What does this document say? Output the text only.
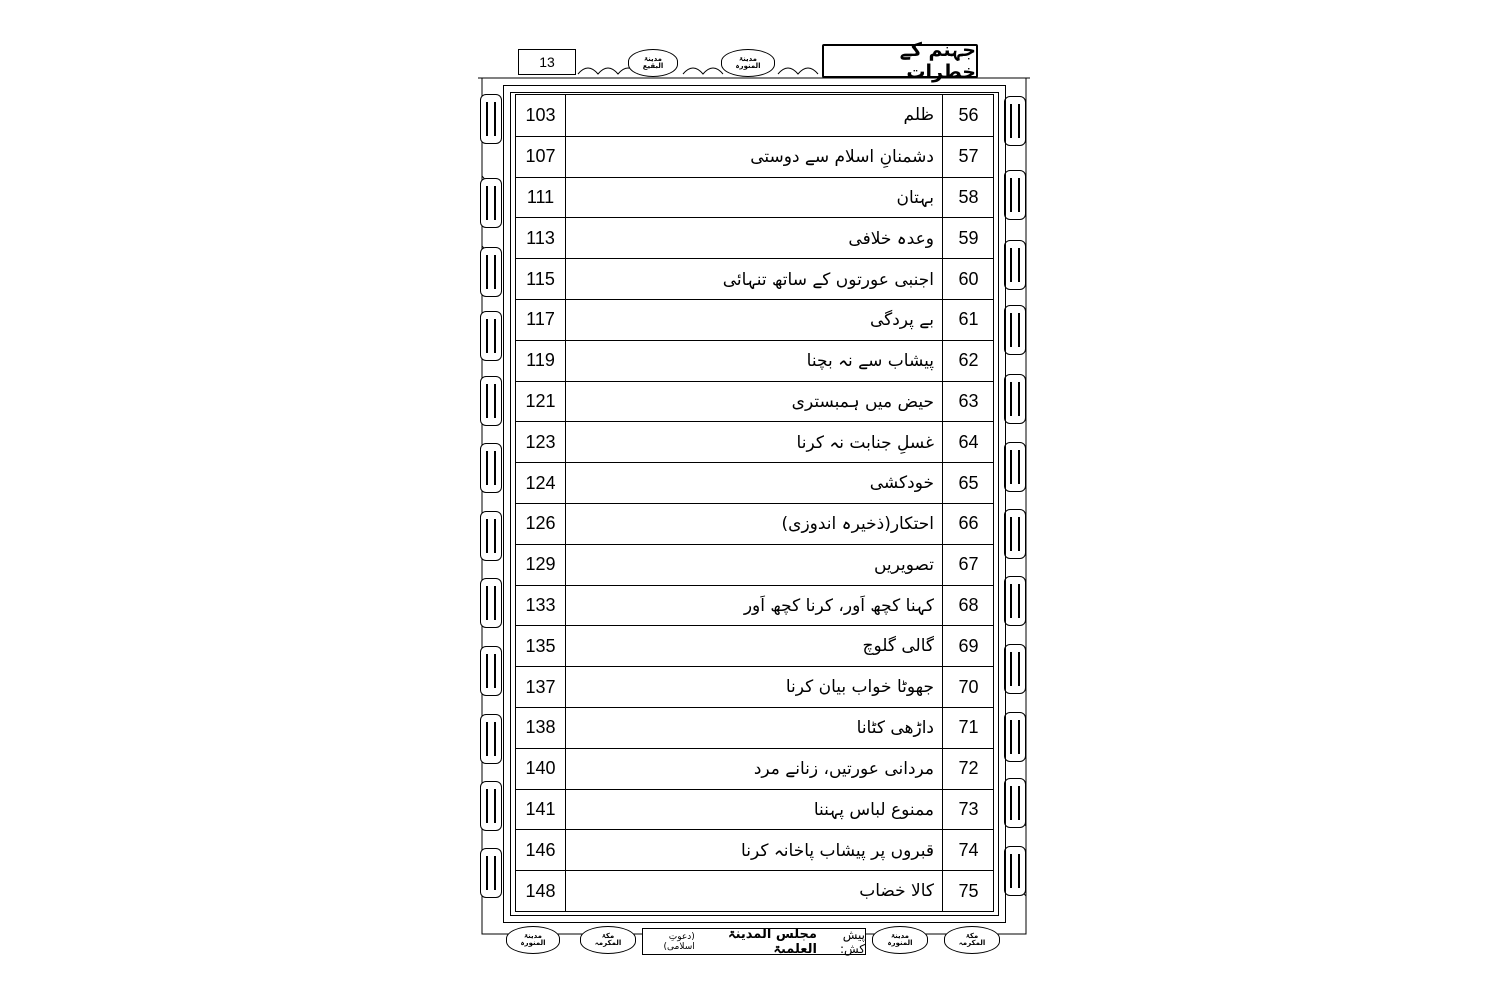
13	مدینۃ
البقیع
مدینۃ
المنورہ
جہنم کے خطرات
103	ظلم	56
107	دشمنانِ اسلام سے دوستی	57
111	بہتان	58
113	وعدہ خلافی	59
115	اجنبی عورتوں کے ساتھ تنہائی	60
117	بے پردگی	61
119	پیشاب سے نہ بچنا	62
121	حیض میں ہمبستری	63
123	غسلِ جنابت نہ کرنا	64
124	خودکشی	65
126	احتکار(ذخیرہ اندوزی)	66
129	تصویریں	67
133	کہنا کچھ اَور، کرنا کچھ اَور	68
135	گالی گلوچ	69
137	جھوٹا خواب بیان کرنا	70
138	داڑھی کٹانا	71
140	مردانی عورتیں، زنانے مرد	72
141	ممنوع لباس پہننا	73
146	قبروں پر پیشاب پاخانہ کرنا	74
148	کالا خضاب	75
مدینۃ
المنورہ
مکۃ
المکرمہ
پیش کش:
مجلس المدینۃ العلمیۃ
(دعوتِ اسلامی)
مدینۃ
المنورہ
مکۃ
المکرمہ
